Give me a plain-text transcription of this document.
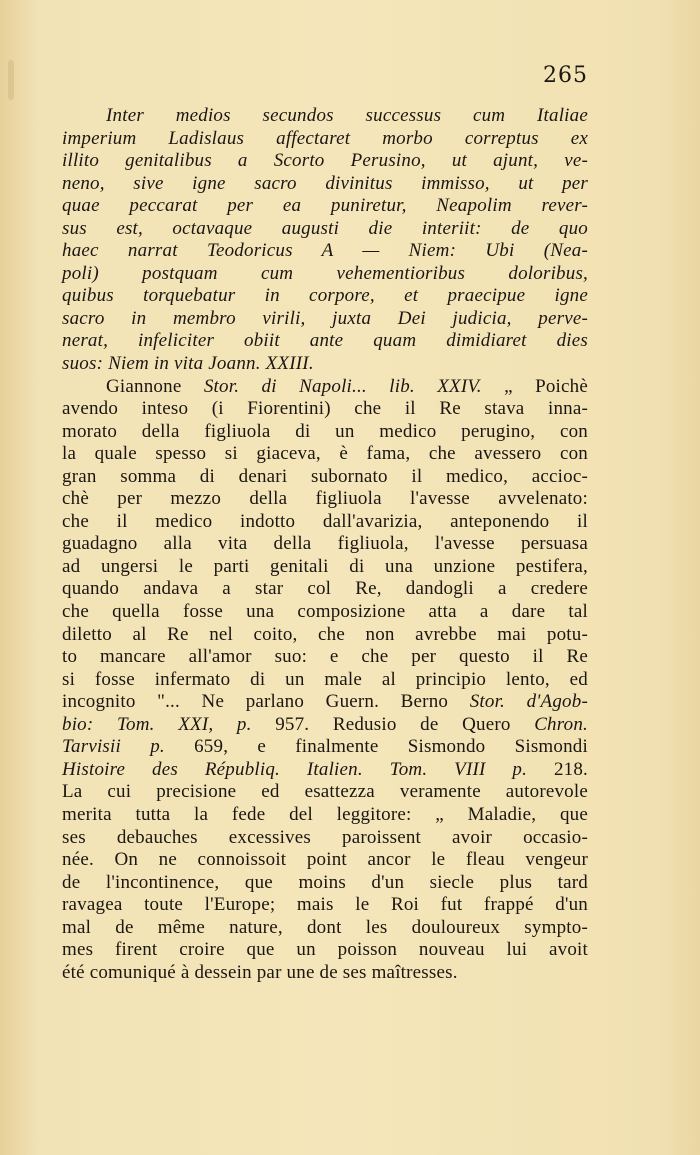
265
Inter medios secundos successus cum Italiae
imperium Ladislaus affectaret morbo correptus ex
illito genitalibus a Scorto Perusino, ut ajunt, ve-
neno, sive igne sacro divinitus immisso, ut per
quae peccarat per ea puniretur, Neapolim rever-
sus est, octavaque augusti die interiit: de quo
haec narrat Teodoricus A — Niem: Ubi (Nea-
poli) postquam cum vehementioribus doloribus,
quibus torquebatur in corpore, et praecipue igne
sacro in membro virili, juxta Dei judicia, perve-
nerat, infeliciter obiit ante quam dimidiaret dies
suos: Niem in vita Joann. XXIII.
Giannone Stor. di Napoli... lib. XXIV. „ Poichè
avendo inteso (i Fiorentini) che il Re stava inna-
morato della figliuola di un medico perugino, con
la quale spesso si giaceva, è fama, che avessero con
gran somma di denari subornato il medico, accioc-
chè per mezzo della figliuola l'avesse avvelenato:
che il medico indotto dall'avarizia, anteponendo il
guadagno alla vita della figliuola, l'avesse persuasa
ad ungersi le parti genitali di una unzione pestifera,
quando andava a star col Re, dandogli a credere
che quella fosse una composizione atta a dare tal
diletto al Re nel coito, che non avrebbe mai potu-
to mancare all'amor suo: e che per questo il Re
si fosse infermato di un male al principio lento, ed
incognito "... Ne parlano Guern. Berno Stor. d'Agob-
bio: Tom. XXI, p. 957. Redusio de Quero Chron.
Tarvisii p. 659, e finalmente Sismondo Sismondi
Histoire des Républiq. Italien. Tom. VIII p. 218.
La cui precisione ed esattezza veramente autorevole
merita tutta la fede del leggitore: „ Maladie, que
ses debauches excessives paroissent avoir occasio-
née. On ne connoissoit point ancor le fleau vengeur
de l'incontinence, que moins d'un siecle plus tard
ravagea toute l'Europe; mais le Roi fut frappé d'un
mal de même nature, dont les douloureux sympto-
mes firent croire que un poisson nouveau lui avoit
été comuniqué à dessein par une de ses maîtresses.
